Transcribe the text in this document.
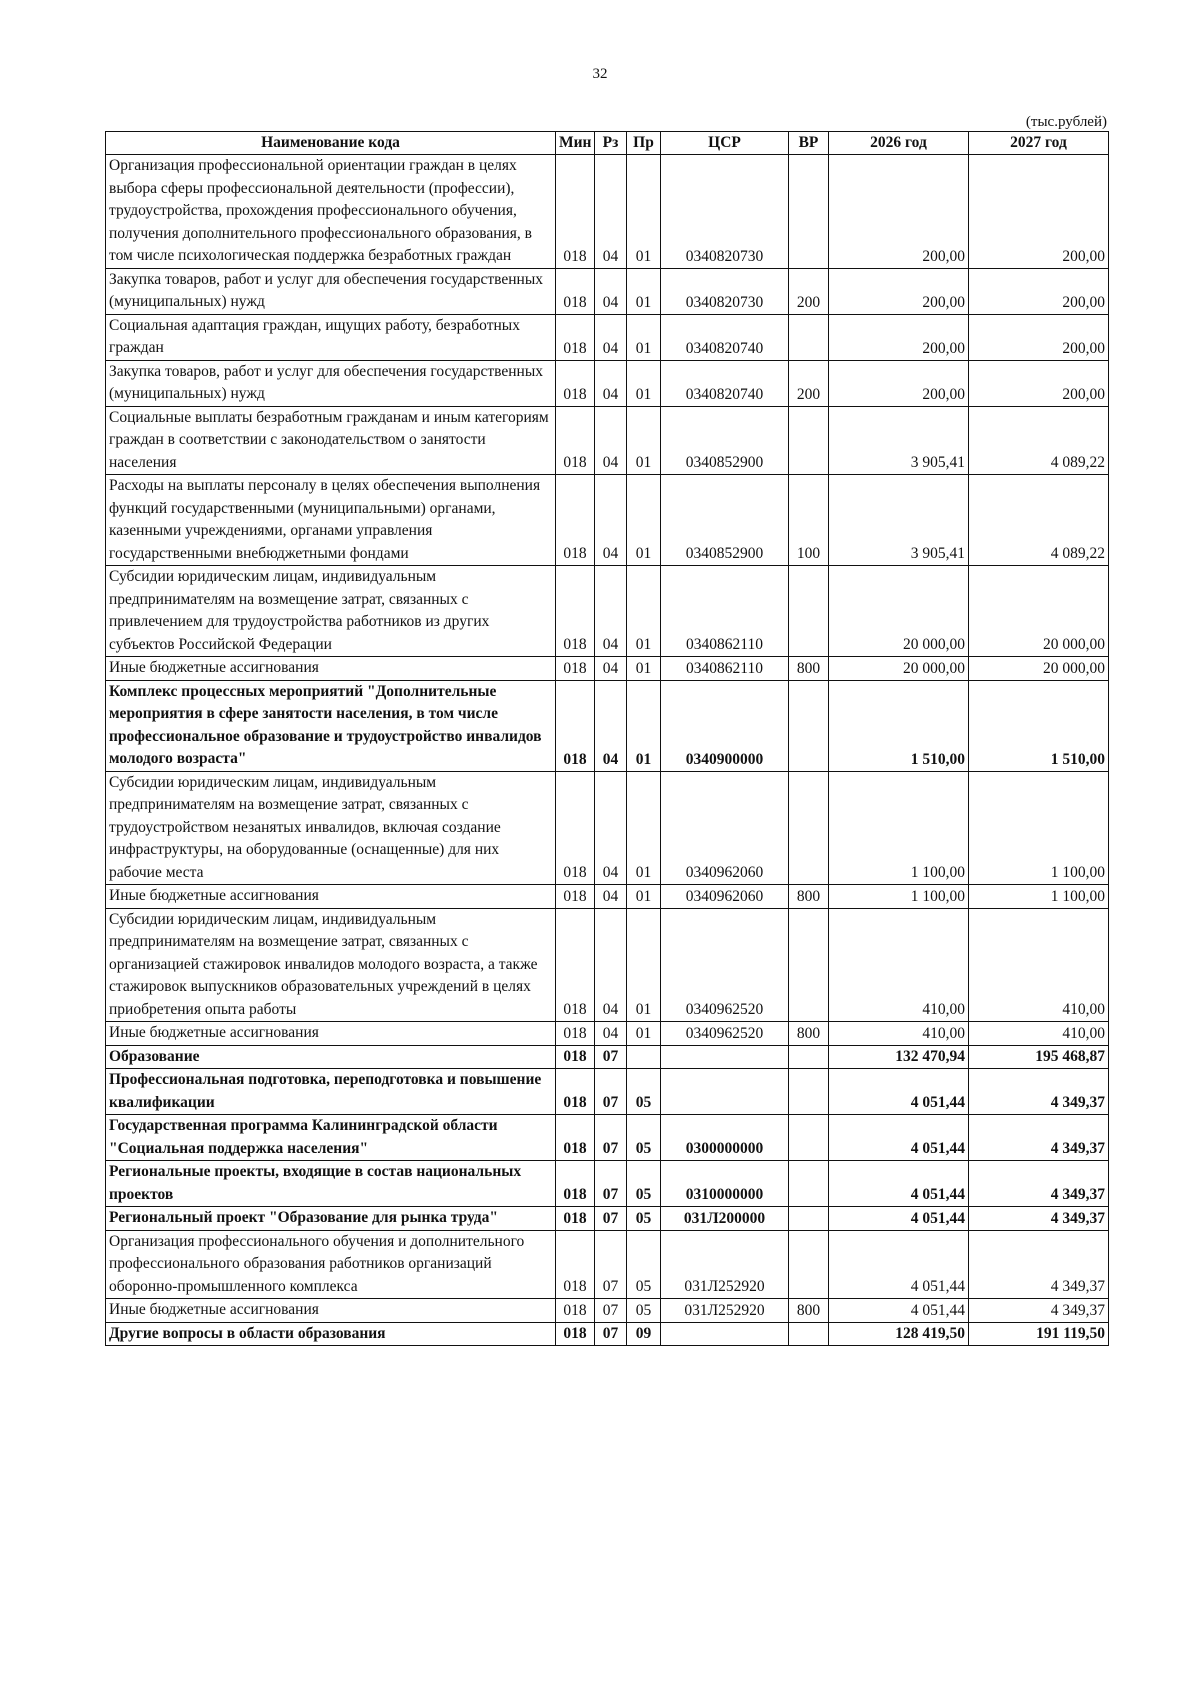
32
(тыс.рублей)
Наименование кода	Мин	Рз	Пр	ЦСР	ВР	2026 год	2027 год
Организация профессиональной ориентации граждан в целях выбора сферы профессиональной деятельности (профессии), трудоустройства, прохождения профессионального обучения, получения дополнительного профессионального образования, в том числе психологическая поддержка безработных граждан	018	04	01	0340820730		200,00	200,00
Закупка товаров, работ и услуг для обеспечения государственных (муниципальных) нужд	018	04	01	0340820730	200	200,00	200,00
Социальная адаптация граждан, ищущих работу, безработных граждан	018	04	01	0340820740		200,00	200,00
Закупка товаров, работ и услуг для обеспечения государственных (муниципальных) нужд	018	04	01	0340820740	200	200,00	200,00
Социальные выплаты безработным гражданам и иным категориям граждан в соответствии с законодательством о занятости населения	018	04	01	0340852900		3 905,41	4 089,22
Расходы на выплаты персоналу в целях обеспечения выполнения функций государственными (муниципальными) органами, казенными учреждениями, органами управления государственными внебюджетными фондами	018	04	01	0340852900	100	3 905,41	4 089,22
Субсидии юридическим лицам, индивидуальным предпринимателям на возмещение затрат, связанных с привлечением для трудоустройства работников из других субъектов Российской Федерации	018	04	01	0340862110		20 000,00	20 000,00
Иные бюджетные ассигнования	018	04	01	0340862110	800	20 000,00	20 000,00
Комплекс процессных мероприятий "Дополнительные мероприятия в сфере занятости населения, в том числе профессиональное образование и трудоустройство инвалидов молодого возраста"	018	04	01	0340900000		1 510,00	1 510,00
Субсидии юридическим лицам, индивидуальным предпринимателям на возмещение затрат, связанных с трудоустройством незанятых инвалидов, включая создание инфраструктуры, на оборудованные (оснащенные) для них рабочие места	018	04	01	0340962060		1 100,00	1 100,00
Иные бюджетные ассигнования	018	04	01	0340962060	800	1 100,00	1 100,00
Субсидии юридическим лицам, индивидуальным предпринимателям на возмещение затрат, связанных с организацией стажировок инвалидов молодого возраста, а также стажировок выпускников образовательных учреждений в целях приобретения опыта работы	018	04	01	0340962520		410,00	410,00
Иные бюджетные ассигнования	018	04	01	0340962520	800	410,00	410,00
Образование	018	07				132 470,94	195 468,87
Профессиональная подготовка, переподготовка и повышение квалификации	018	07	05			4 051,44	4 349,37
Государственная программа Калининградской области "Социальная поддержка населения"	018	07	05	0300000000		4 051,44	4 349,37
Региональные проекты, входящие в состав национальных проектов	018	07	05	0310000000		4 051,44	4 349,37
Региональный проект "Образование для рынка труда"	018	07	05	031Л200000		4 051,44	4 349,37
Организация профессионального обучения и дополнительного профессионального образования работников организаций оборонно-промышленного комплекса	018	07	05	031Л252920		4 051,44	4 349,37
Иные бюджетные ассигнования	018	07	05	031Л252920	800	4 051,44	4 349,37
Другие вопросы в области образования	018	07	09			128 419,50	191 119,50
